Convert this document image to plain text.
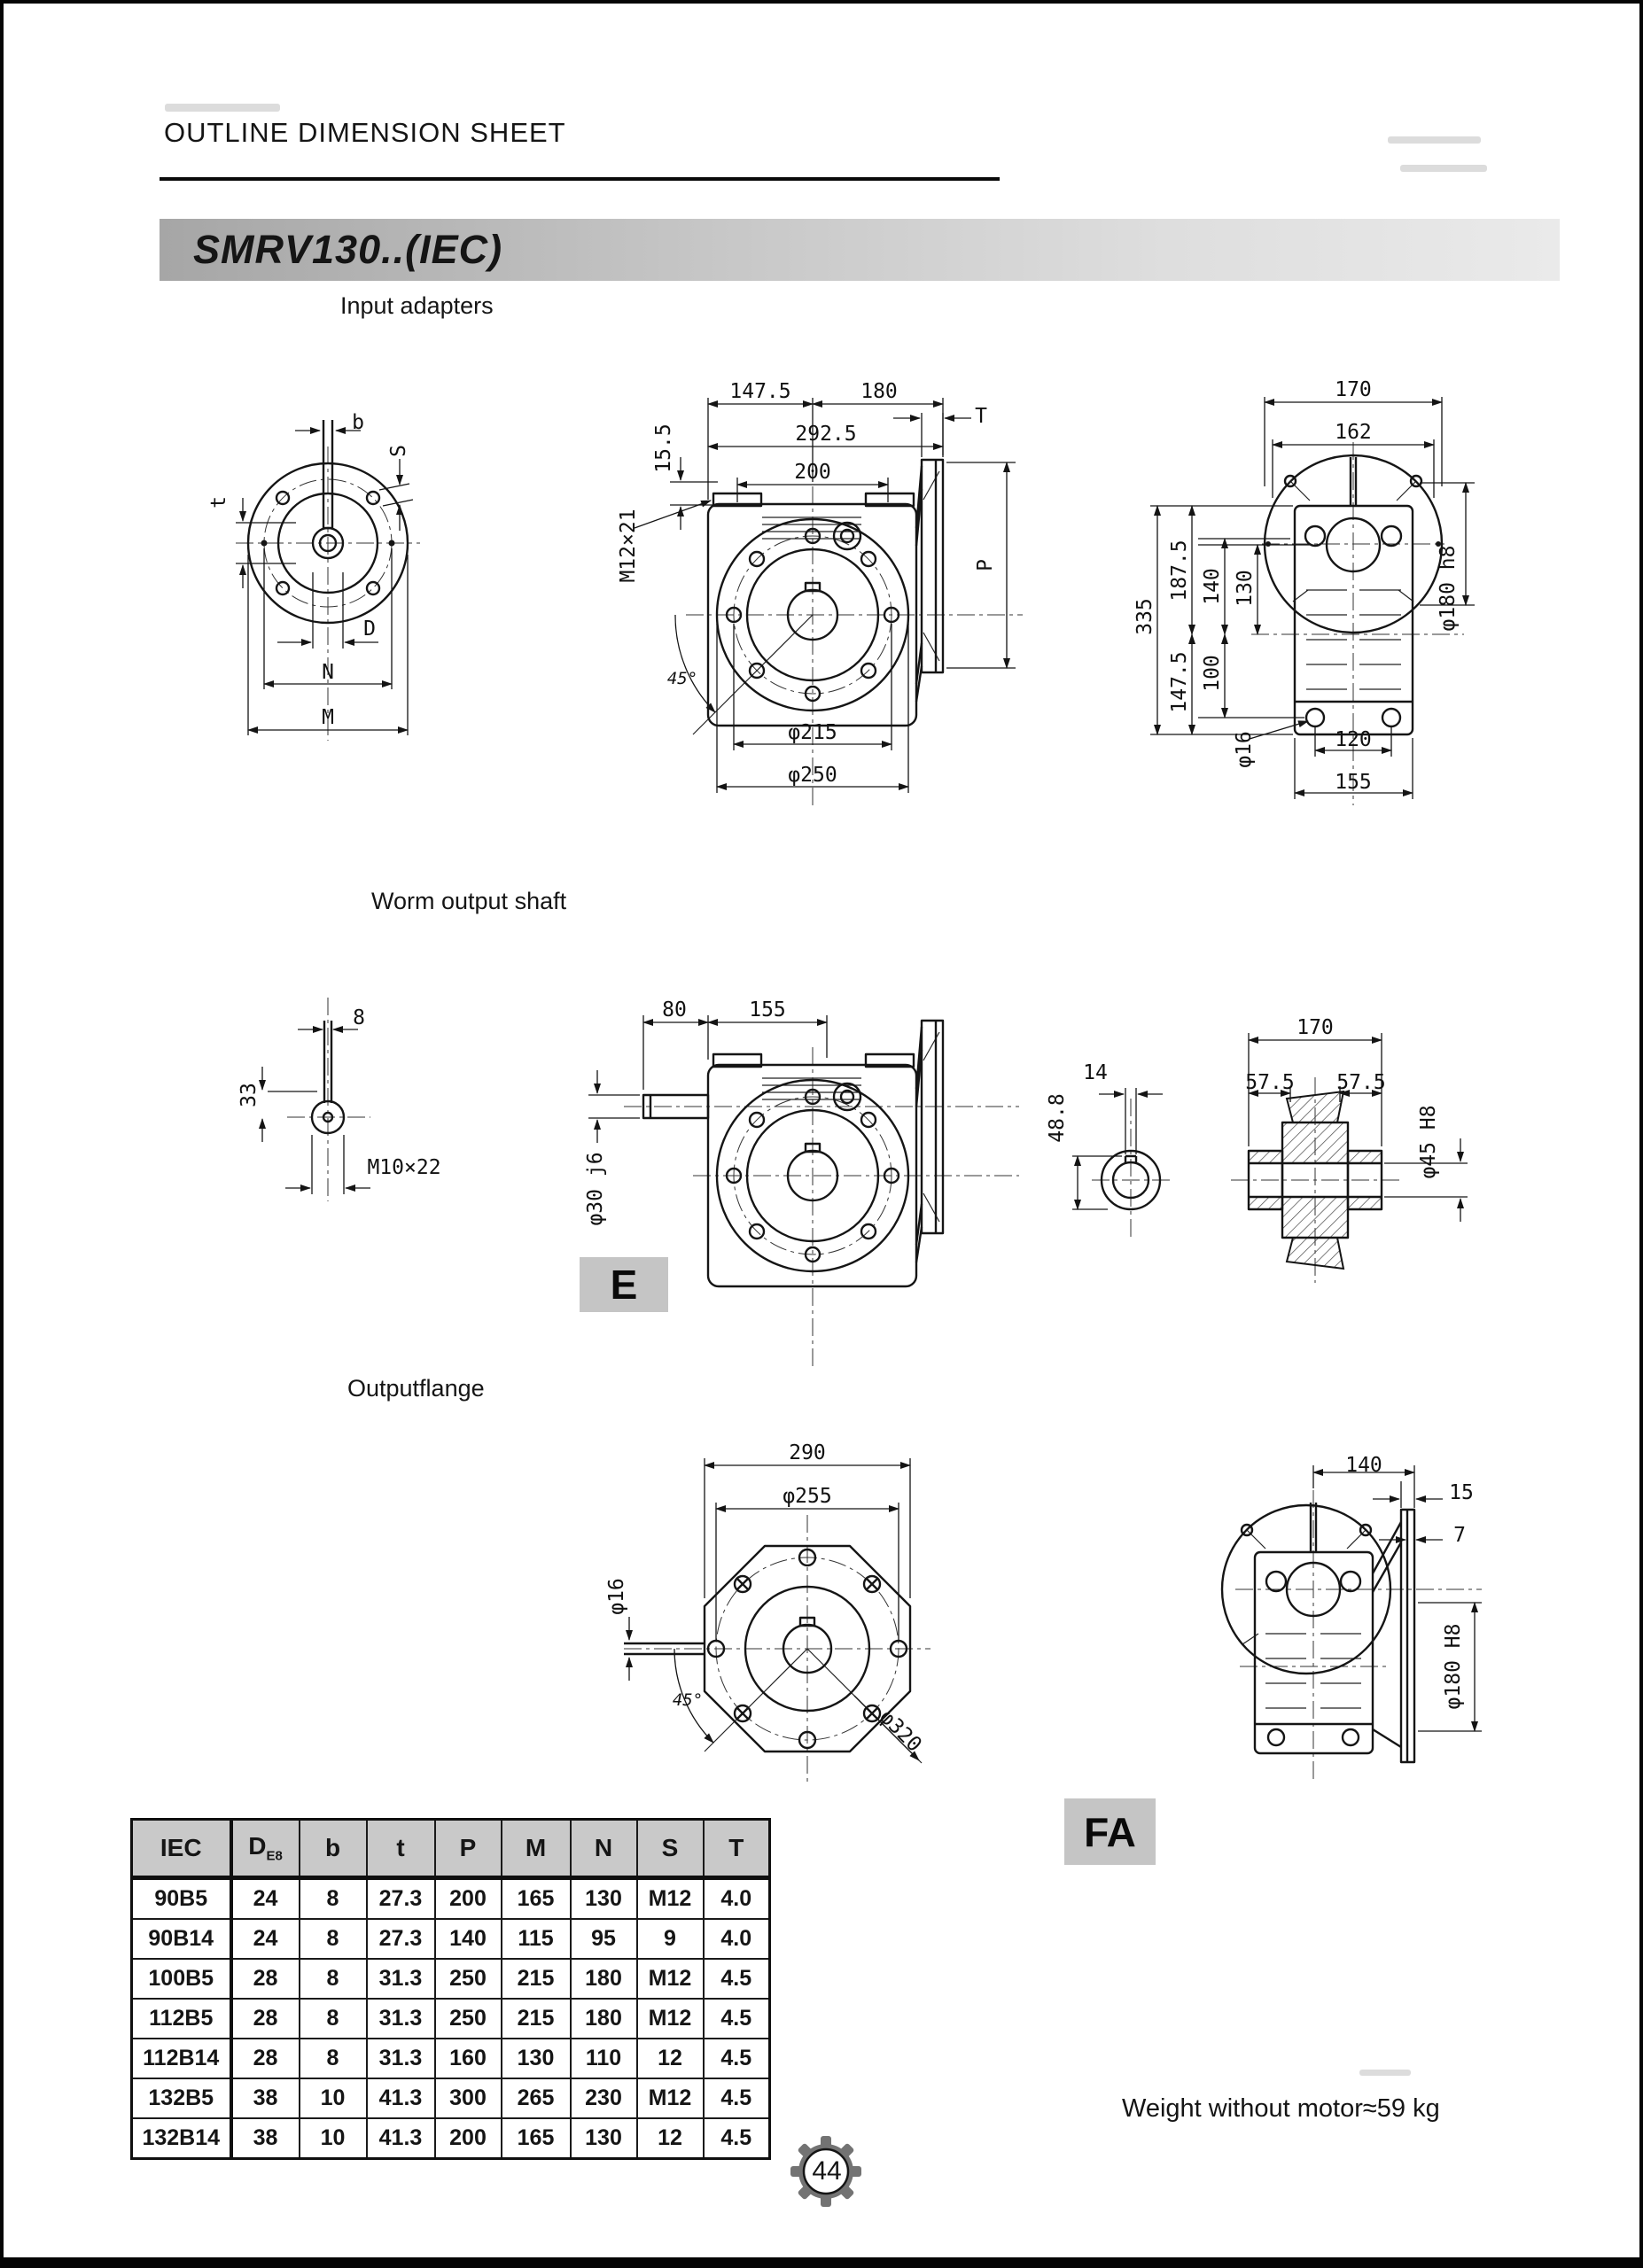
OUTLINE DIMENSION SHEET
SMRV130..(IEC)
Input adapters
Worm output shaft
Outputflange
b
S
t
D
N
M
147.5	180
292.5
200
T
P
15.5
M12×21
45°
φ215
φ250
170
162
335
187.5 140 130
147.5 100
φ16
φ180 h8
120
155
8
33
M10×22
80	155
φ30 j6
14
48.8
170
57.5 57.5
φ45 H8
290
φ255
φ16
45°
φ320
140
15
7
φ180 H8
E
FA
IEC	$D_{E8}$	b	t	P	M	N	S	T
90B5	24	8	27.3	200	165	130	M12	4.0
90B14	24	8	27.3	140	115	95	9	4.0
100B5	28	8	31.3	250	215	180	M12	4.5
112B5	28	8	31.3	250	215	180	M12	4.5
112B14	28	8	31.3	160	130	110	12	4.5
132B5	38	10	41.3	300	265	230	M12	4.5
132B14	38	10	41.3	200	165	130	12	4.5
Weight without motor≈59 kg
44
